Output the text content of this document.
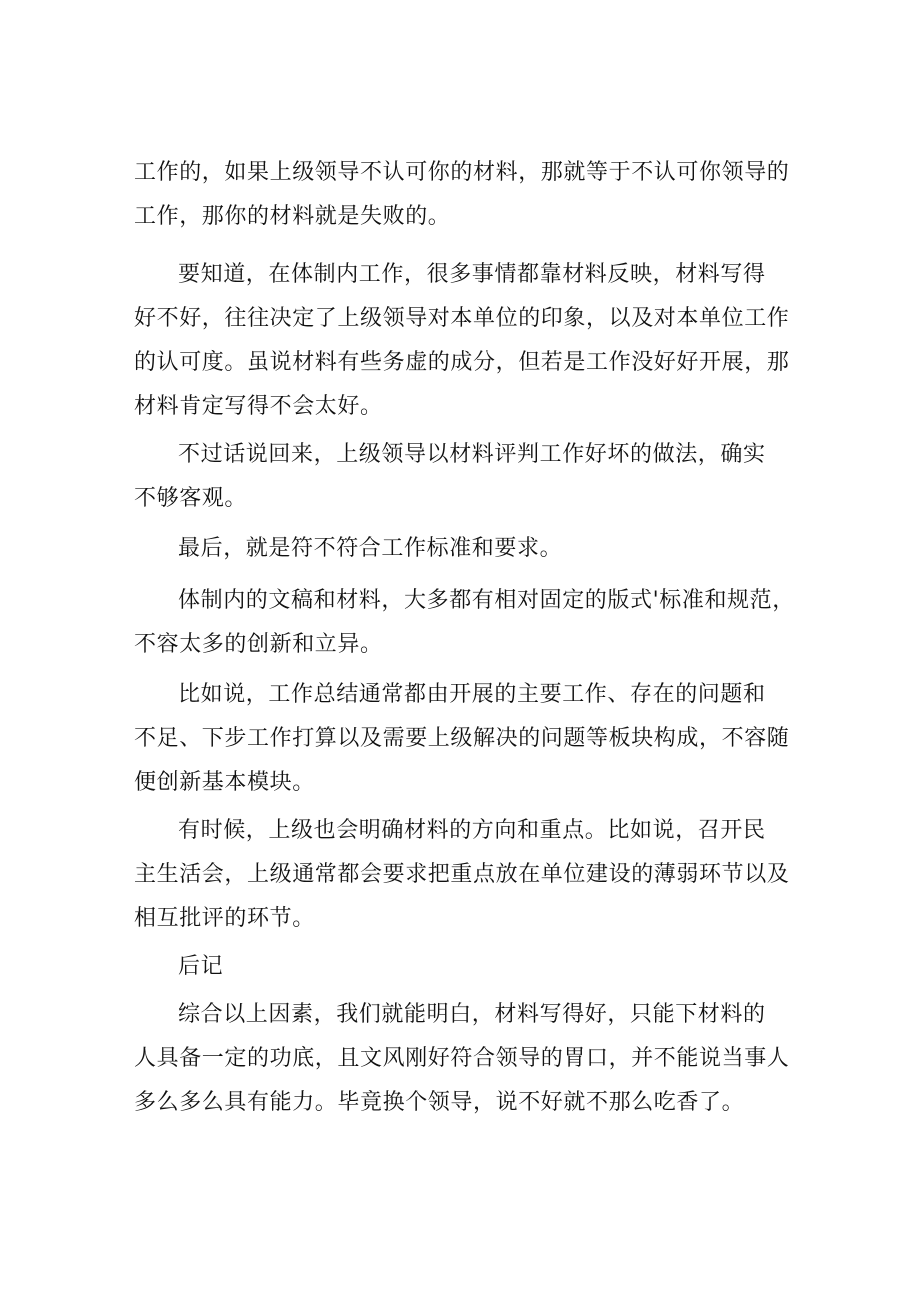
工作的，如果上级领导不认可你的材料，那就等于不认可你领导的
工作，那你的材料就是失败的。
要知道，在体制内工作，很多事情都靠材料反映，材料写得
好不好，往往决定了上级领导对本单位的印象，以及对本单位工作
的认可度。虽说材料有些务虚的成分，但若是工作没好好开展，那
材料肯定写得不会太好。
不过话说回来，上级领导以材料评判工作好坏的做法，确实
不够客观。
最后，就是符不符合工作标准和要求。
体制内的文稿和材料，大多都有相对固定的版式'标准和规范，
不容太多的创新和立异。
比如说，工作总结通常都由开展的主要工作、存在的问题和
不足、下步工作打算以及需要上级解决的问题等板块构成，不容随
便创新基本模块。
有时候，上级也会明确材料的方向和重点。比如说，召开民
主生活会，上级通常都会要求把重点放在单位建设的薄弱环节以及
相互批评的环节。
后记
综合以上因素，我们就能明白，材料写得好，只能下材料的
人具备一定的功底，且文风刚好符合领导的胃口，并不能说当事人
多么多么具有能力。毕竟换个领导，说不好就不那么吃香了。
